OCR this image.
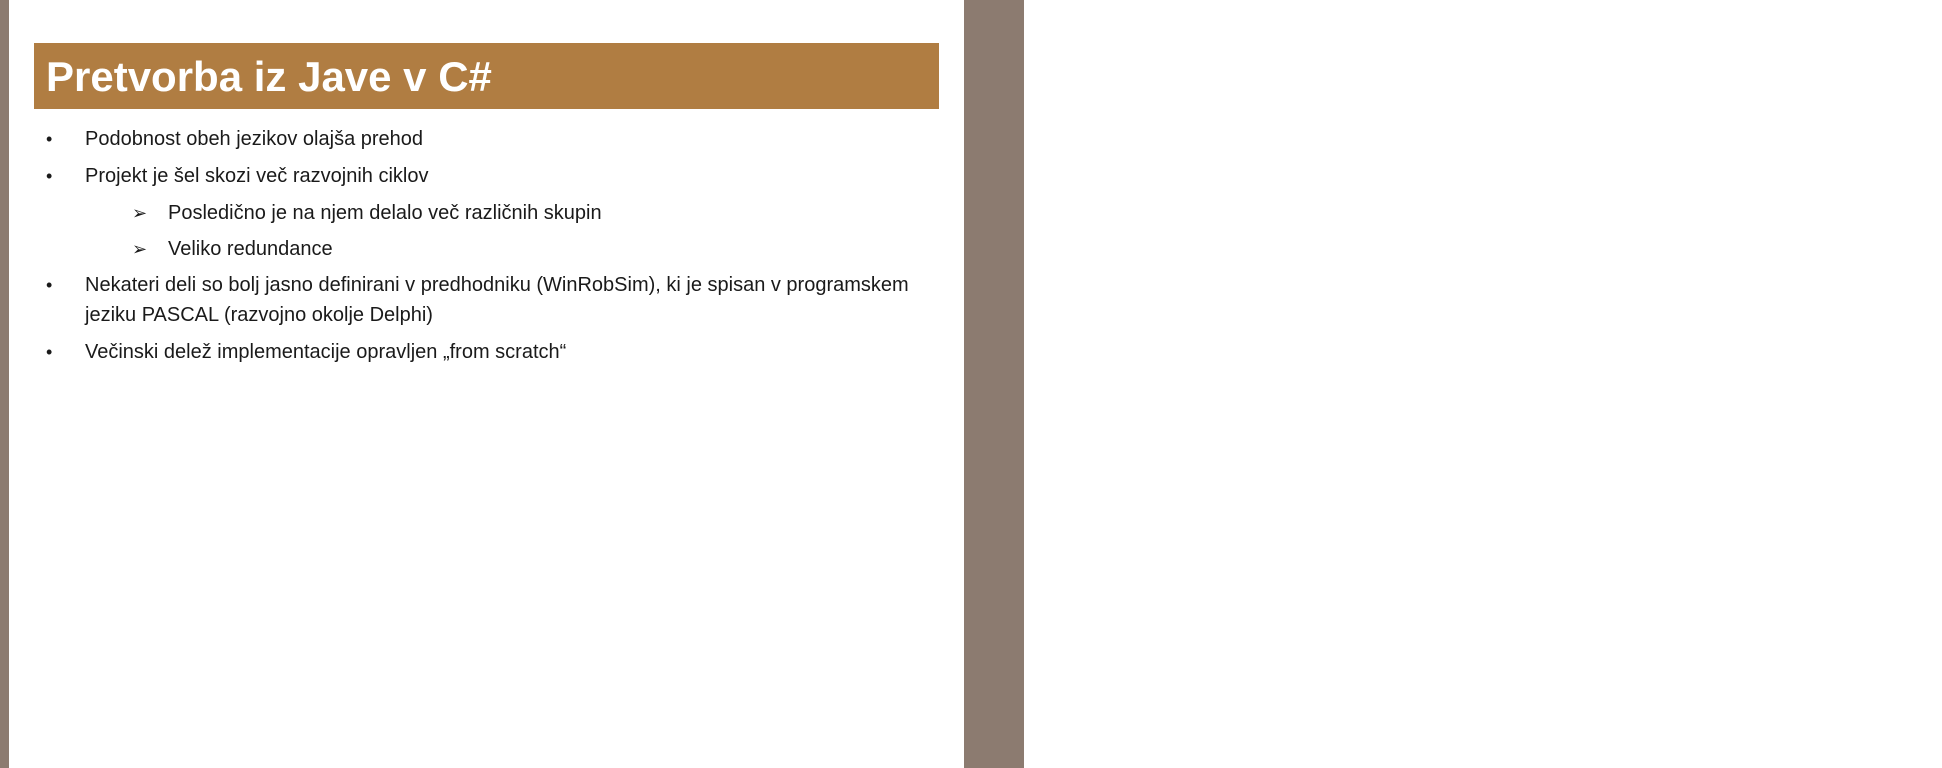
Predstavitev problema
Pretvorba iz Jave v C#
• Podobnost obeh jezikov olajša prehod
• Projekt je šel skozi več razvojnih ciklov
➢ Posledično je na njem delalo več različnih skupin
➢ Veliko redundance
• Nekateri deli so bolj jasno definirani v predhodniku (WinRobSim), ki je spisan v programskem jeziku PASCAL (razvojno okolje Delphi)
• Večinski delež implementacije opravljen „from scratch“
